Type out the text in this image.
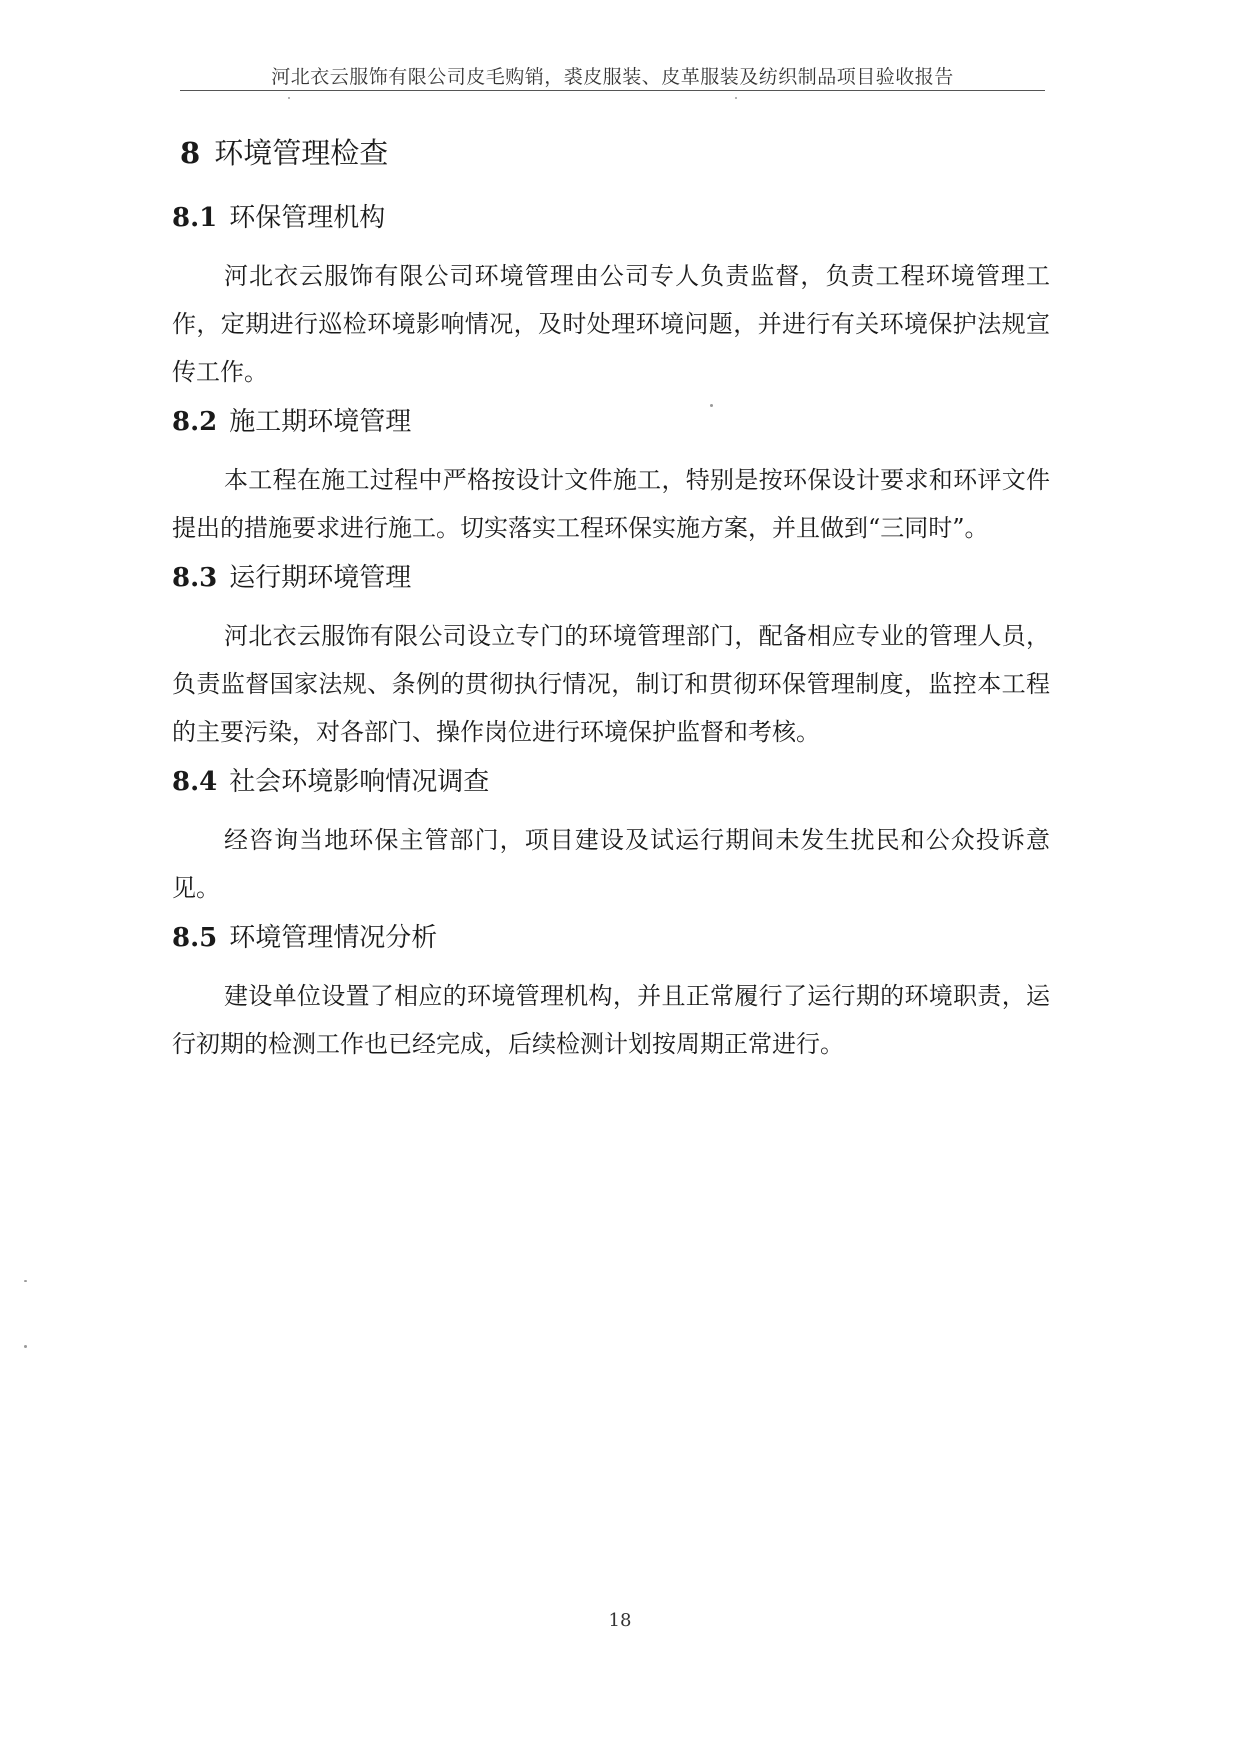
河北衣云服饰有限公司皮毛购销，裘皮服装、皮革服装及纺织制品项目验收报告
8 环境管理检查
8.1 环保管理机构

河北衣云服饰有限公司环境管理由公司专人负责监督，负责工程环境管理工作，定期进行巡检环境影响情况，及时处理环境问题，并进行有关环境保护法规宣传工作。

8.2 施工期环境管理

本工程在施工过程中严格按设计文件施工，特别是按环保设计要求和环评文件提出的措施要求进行施工。切实落实工程环保实施方案，并且做到“三同时”。

8.3 运行期环境管理

河北衣云服饰有限公司设立专门的环境管理部门，配备相应专业的管理人员，负责监督国家法规、条例的贯彻执行情况，制订和贯彻环保管理制度，监控本工程的主要污染，对各部门、操作岗位进行环境保护监督和考核。

8.4 社会环境影响情况调查

经咨询当地环保主管部门，项目建设及试运行期间未发生扰民和公众投诉意见。

8.5 环境管理情况分析

建设单位设置了相应的环境管理机构，并且正常履行了运行期的环境职责，运行初期的检测工作也已经完成，后续检测计划按周期正常进行。

18
